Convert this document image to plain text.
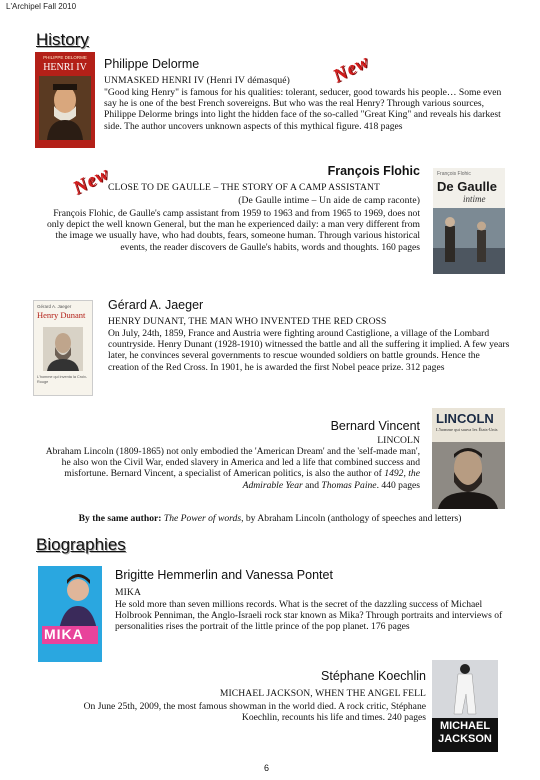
L'Archipel Fall 2010
History
PHILIPPE DELORME
HENRI IV	Philippe Delorme	New
UNMASKED HENRI IV (Henri IV démasqué)
"Good king Henry" is famous for his qualities: tolerant, seducer, good towards his people… Some even say he is one of the best French sovereigns. But who was the real Henry? Through various sources, Philippe Delorme brings into light the hidden face of the so-called "Great King" and reveals his darkest side. The author uncovers unknown aspects of this mythical figure. 418 pages
François Flohic
New
CLOSE TO DE GAULLE – THE STORY OF A CAMP ASSISTANT
(De Gaulle intime – Un aide de camp raconte)
François Flohic, de Gaulle's camp assistant from 1959 to 1963 and from 1965 to 1969, does not only depict the well known General, but the man he experienced daily: a man very different from the image we usually have, who had doubts, fears, someone human. Through various historical events, the reader discovers de Gaulle's habits, words and thoughts. 160 pages
François Flohic
De Gaulle
intime
Gérard A. Jaeger
Henry Dunant
L'homme qui inventa la Croix-Rouge
Gérard A. Jaeger
HENRY DUNANT, THE MAN WHO INVENTED THE RED CROSS
On July, 24th, 1859, France and Austria were fighting around Castiglione, a village of the Lombard countryside. Henry Dunant (1928-1910) witnessed the battle and all the suffering it implied. A few years later, he convinces several governments to rescue wounded soldiers on battle grounds. Hence the creation of the Red Cross. In 1901, he is awarded the first Nobel peace prize. 312 pages
Bernard Vincent
LINCOLN
Abraham Lincoln (1809-1865) not only embodied the 'American Dream' and the 'self-made man', he also won the Civil War, ended slavery in America and led a life that combined success and misfortune. Bernard Vincent, a specialist of American politics, is also the author of 1492, the Admirable Year and Thomas Paine. 440 pages
LINCOLN
L'homme qui sauva les États-Unis
By the same author: The Power of words, by Abraham Lincoln (anthology of speeches and letters)
Biographies
MIKA
Brigitte Hemmerlin and Vanessa Pontet
MIKA
He sold more than seven millions records. What is the secret of the dazzling success of Michael Holbrook Penniman, the Anglo-Israeli rock star known as Mika? Through portraits and interviews of personalities rises the portrait of the little prince of the pop planet. 176 pages
Stéphane Koechlin
MICHAEL JACKSON, WHEN THE ANGEL FELL
On June 25th, 2009, the most famous showman in the world died. A rock critic, Stéphane Koechlin, recounts his life and times. 240 pages
MICHAEL
JACKSON
6
